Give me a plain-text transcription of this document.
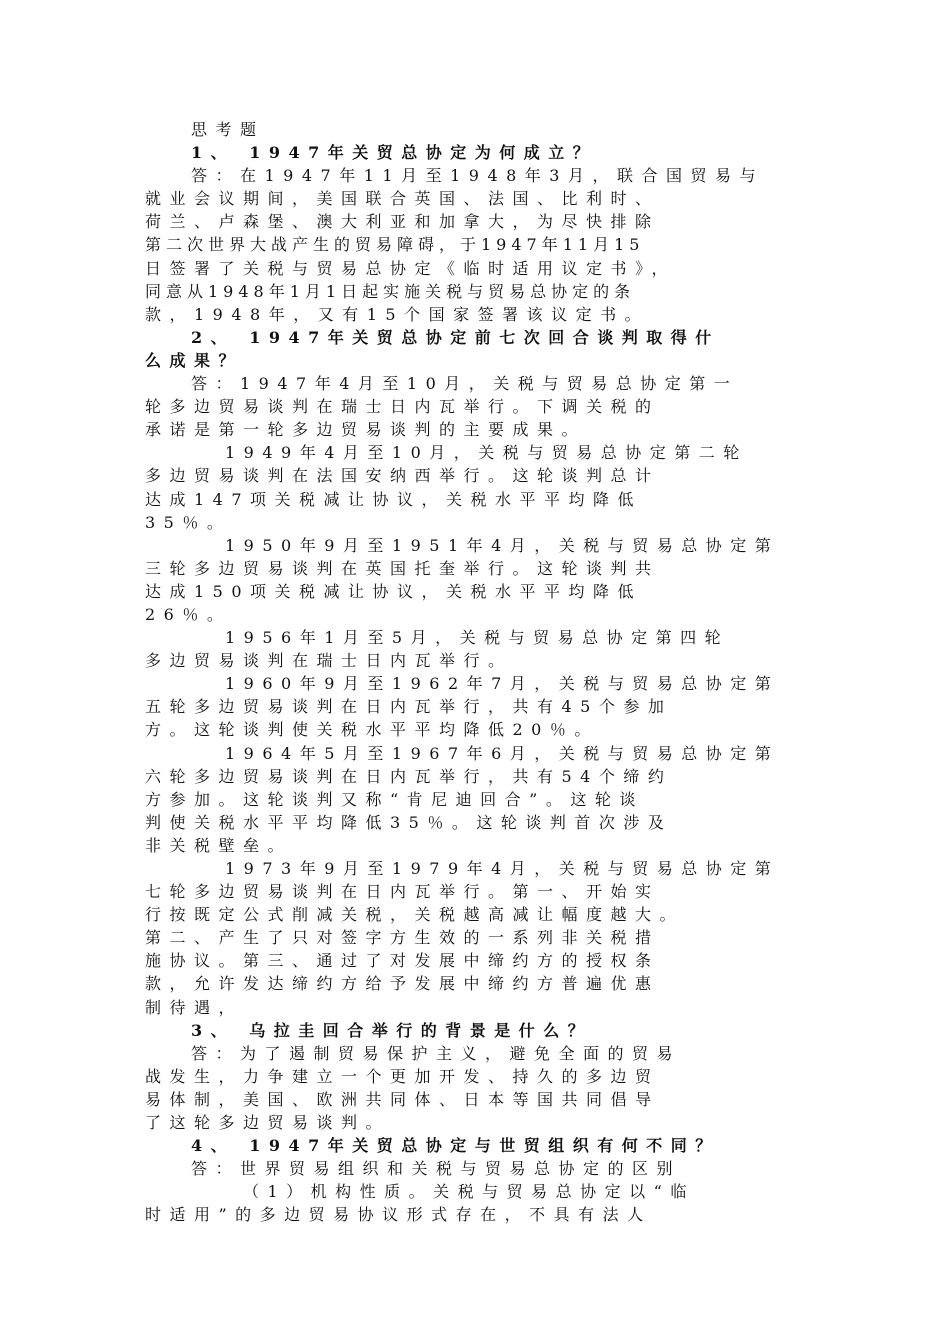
思考题
1、 1947年关贸总协定为何成立？
答：在1947年11月至1948年3月，联合国贸易与
就业会议期间，美国联合英国、法国、比利时、
荷兰、卢森堡、澳大利亚和加拿大，为尽快排除
第二次世界大战产生的贸易障碍，于1947年11月15
日签署了关税与贸易总协定《临时适用议定书》，
同意从1948年1月1日起实施关税与贸易总协定的条
款，1948年，又有15个国家签署该议定书。
2、 1947年关贸总协定前七次回合谈判取得什
么成果？
答：1947年4月至10月，关税与贸易总协定第一
轮多边贸易谈判在瑞士日内瓦举行。下调关税的
承诺是第一轮多边贸易谈判的主要成果。
1949年4月至10月，关税与贸易总协定第二轮
多边贸易谈判在法国安纳西举行。这轮谈判总计
达成147项关税减让协议，关税水平平均降低
35％。
1950年9月至1951年4月，关税与贸易总协定第
三轮多边贸易谈判在英国托奎举行。这轮谈判共
达成150项关税减让协议，关税水平平均降低
26％。
1956年1月至5月，关税与贸易总协定第四轮
多边贸易谈判在瑞士日内瓦举行。
1960年9月至1962年7月，关税与贸易总协定第
五轮多边贸易谈判在日内瓦举行，共有45个参加
方。这轮谈判使关税水平平均降低20％。
1964年5月至1967年6月，关税与贸易总协定第
六轮多边贸易谈判在日内瓦举行，共有54个缔约
方参加。这轮谈判又称“肯尼迪回合”。这轮谈
判使关税水平平均降低35％。这轮谈判首次涉及
非关税壁垒。
1973年9月至1979年4月，关税与贸易总协定第
七轮多边贸易谈判在日内瓦举行。第一、开始实
行按既定公式削减关税，关税越高减让幅度越大。
第二、产生了只对签字方生效的一系列非关税措
施协议。第三、通过了对发展中缔约方的授权条
款，允许发达缔约方给予发展中缔约方普遍优惠
制待遇，
3、 乌拉圭回合举行的背景是什么？
答：为了遏制贸易保护主义，避免全面的贸易
战发生，力争建立一个更加开发、持久的多边贸
易体制，美国、欧洲共同体、日本等国共同倡导
了这轮多边贸易谈判。
4、 1947年关贸总协定与世贸组织有何不同？
答：世界贸易组织和关税与贸易总协定的区别
（1）机构性质。关税与贸易总协定以“临
时适用”的多边贸易协议形式存在，不具有法人
